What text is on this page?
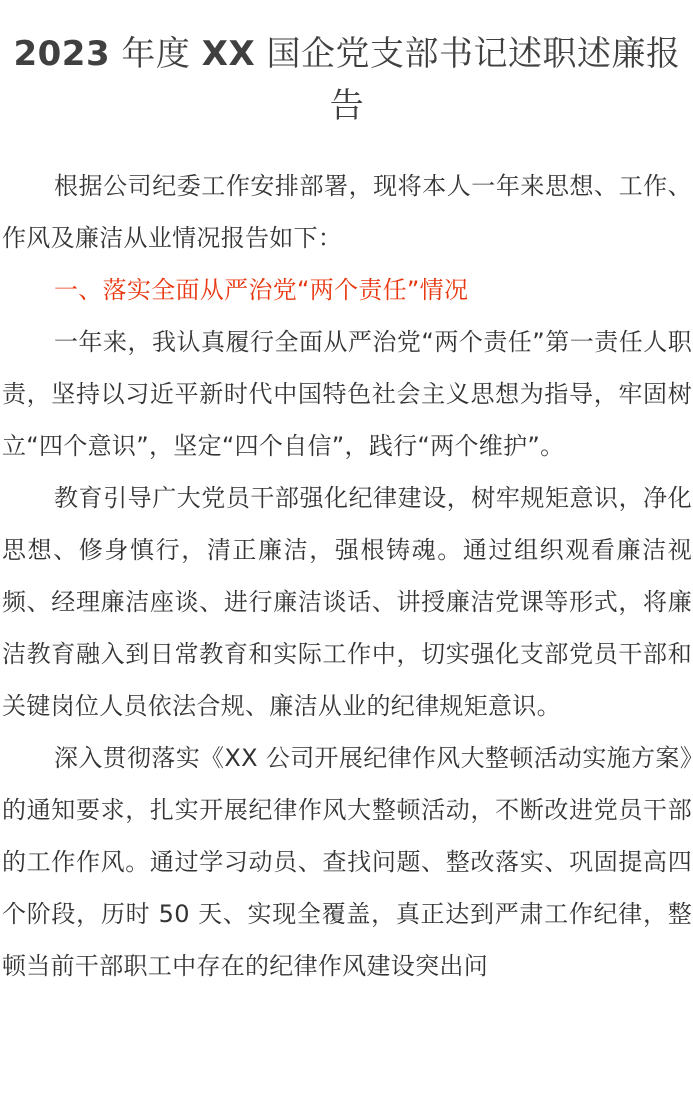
2023 年度 XX 国企党支部书记述职述廉报告

根据公司纪委工作安排部署，现将本人一年来思想、工作、作风及廉洁从业情况报告如下：

一、落实全面从严治党“两个责任”情况

一年来，我认真履行全面从严治党“两个责任”第一责任人职责，坚持以习近平新时代中国特色社会主义思想为指导，牢固树立“四个意识”，坚定“四个自信”，践行“两个维护”。

教育引导广大党员干部强化纪律建设，树牢规矩意识，净化思想、修身慎行，清正廉洁，强根铸魂。通过组织观看廉洁视频、经理廉洁座谈、进行廉洁谈话、讲授廉洁党课等形式，将廉洁教育融入到日常教育和实际工作中，切实强化支部党员干部和关键岗位人员依法合规、廉洁从业的纪律规矩意识。

深入贯彻落实《XX 公司开展纪律作风大整顿活动实施方案》的通知要求，扎实开展纪律作风大整顿活动，不断改进党员干部的工作作风。通过学习动员、查找问题、整改落实、巩固提高四个阶段，历时 50 天、实现全覆盖，真正达到严肃工作纪律，整顿当前干部职工中存在的纪律作风建设突出问
